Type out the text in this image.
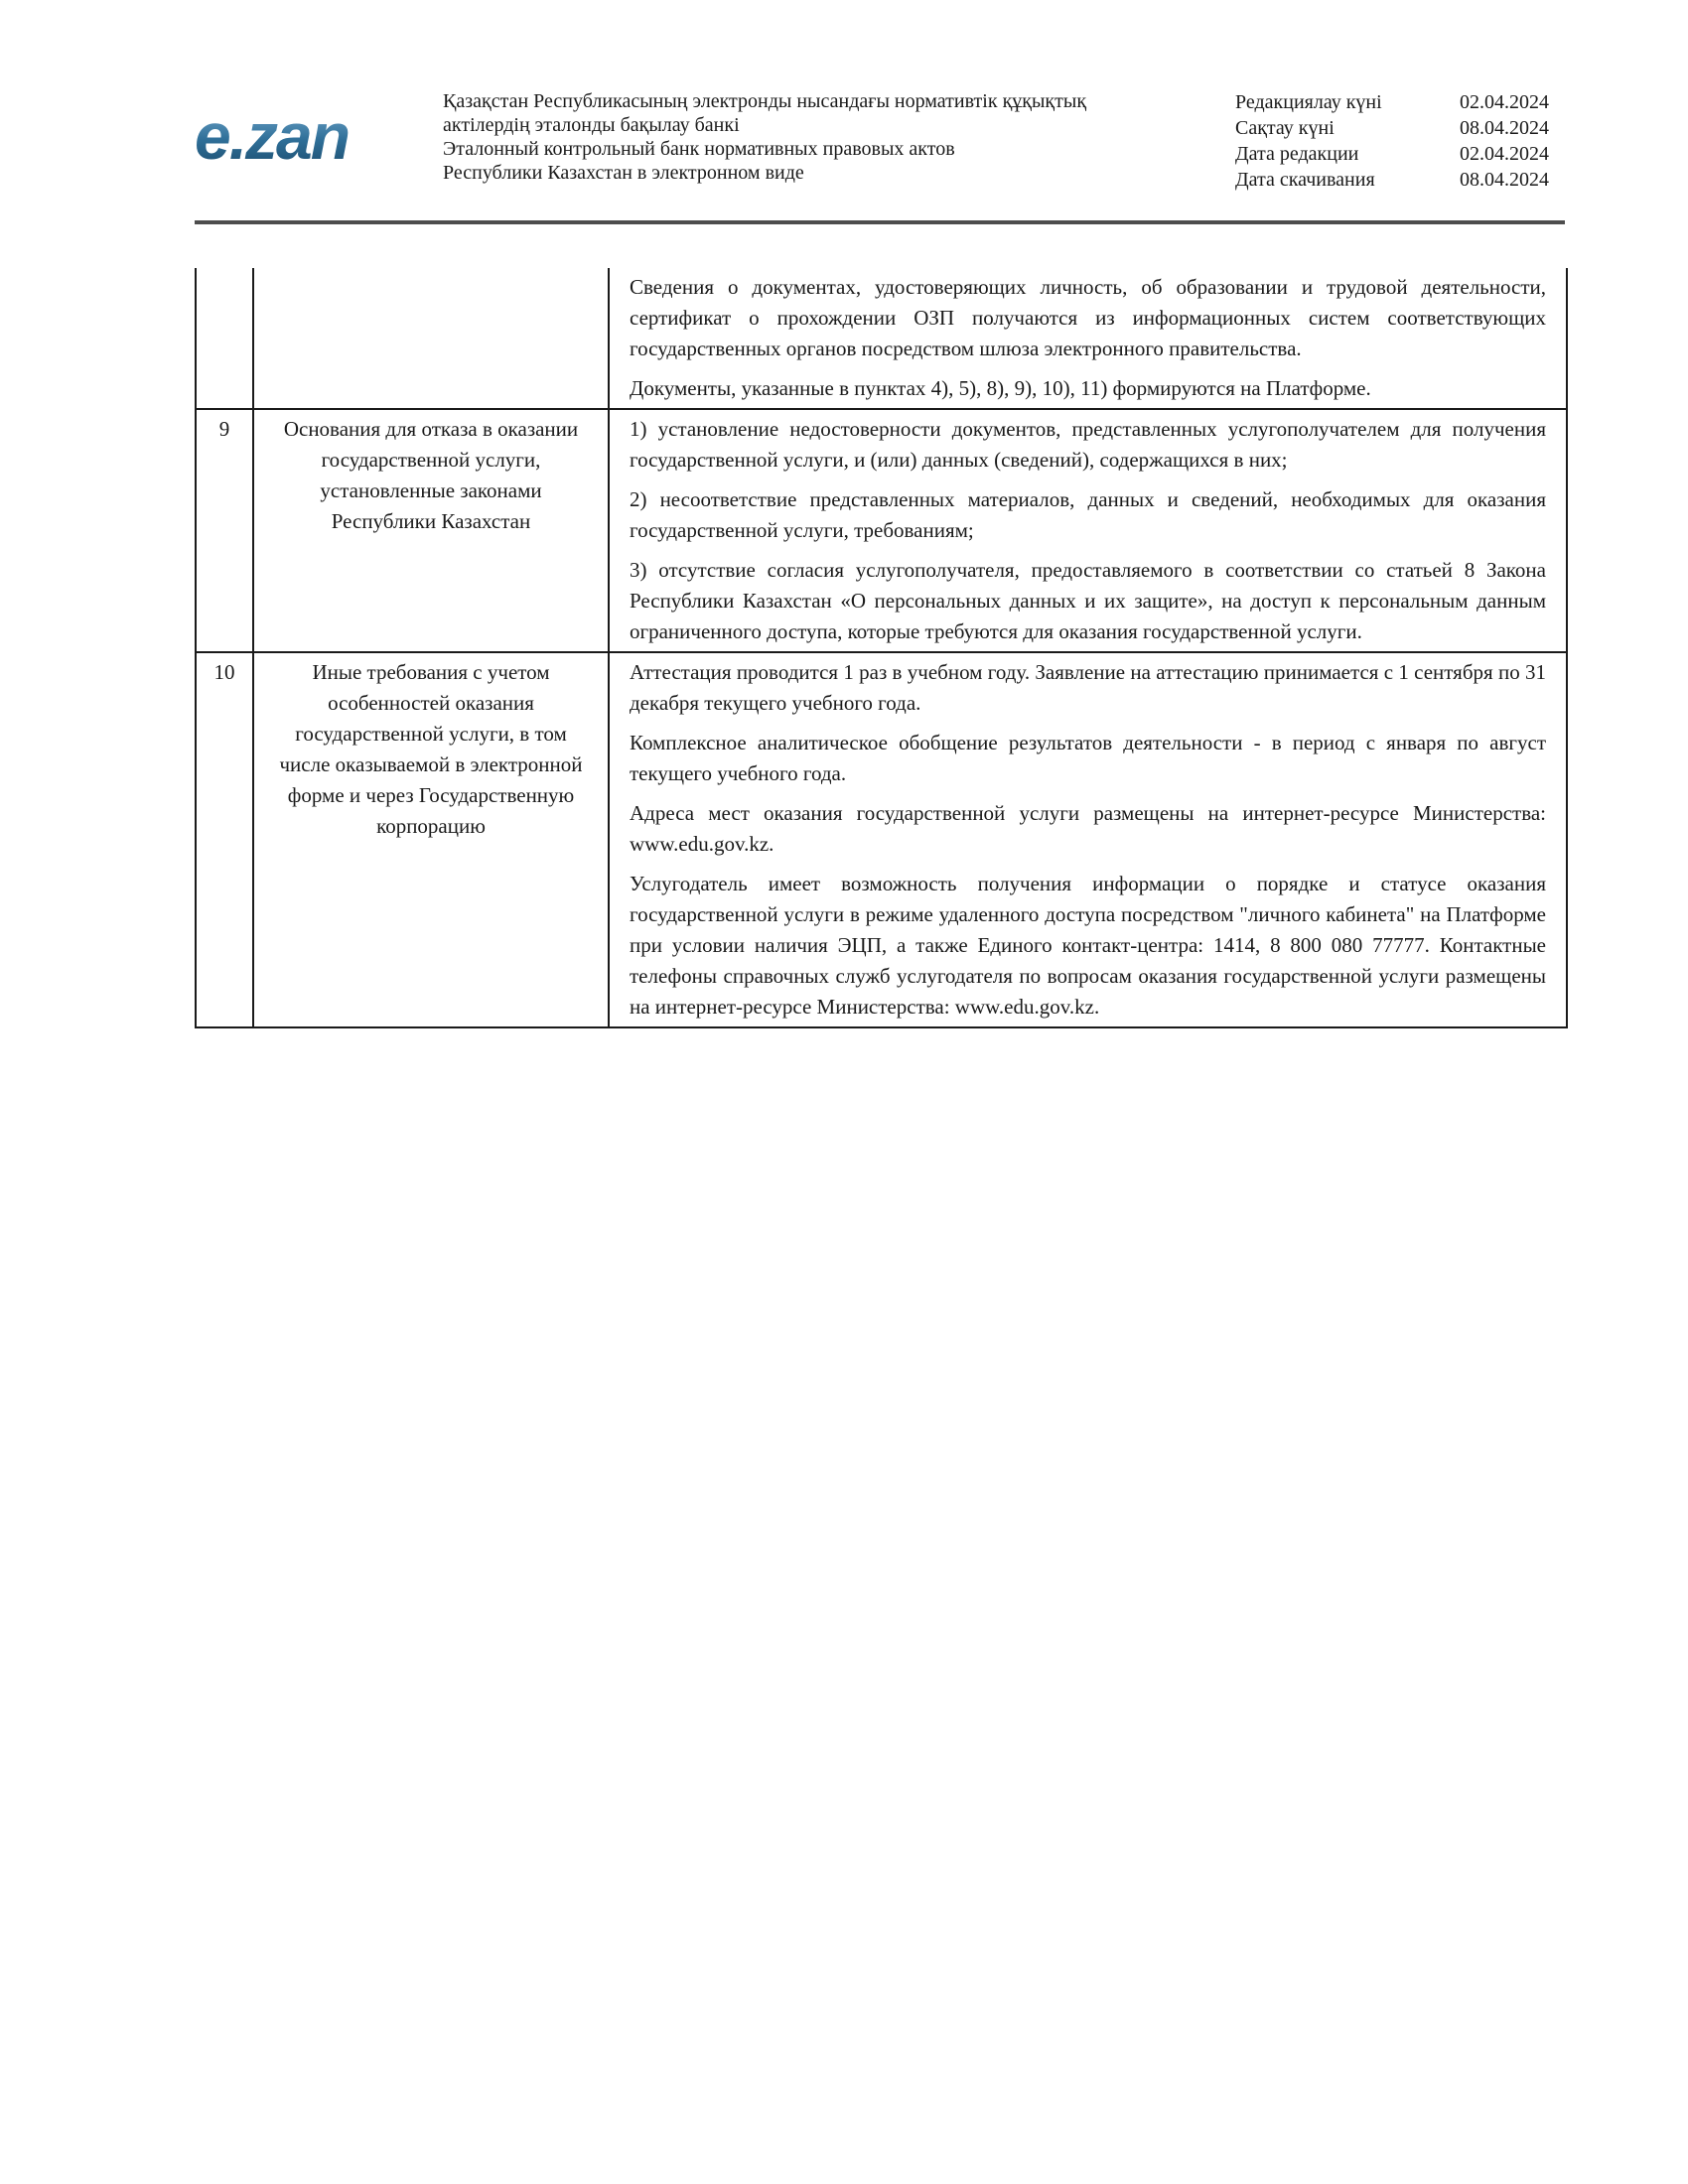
e.zan	Қазақстан Республикасының электронды нысандағы нормативтік құқықтық
актілердің эталонды бақылау банкі
Эталонный контрольный банк нормативных правовых актов
Республики Казахстан в электронном виде
Редакциялау күні	02.04.2024
Сақтау күні	08.04.2024
Дата редакции	02.04.2024
Дата скачивания	08.04.2024

		Сведения о документах, удостоверяющих личность, об образовании и трудовой деятельности, сертификат о прохождении ОЗП получаются из информационных систем соответствующих государственных органов посредством шлюза электронного правительства.

Документы, указанные в пунктах 4), 5), 8), 9), 10), 11) формируются на Платформе.

9	Основания для отказа в оказании государственной услуги, установленные законами Республики Казахстан	1) установление недостоверности документов, представленных услугополучателем для получения государственной услуги, и (или) данных (сведений), содержащихся в них;

2) несоответствие представленных материалов, данных и сведений, необходимых для оказания государственной услуги, требованиям;

3) отсутствие согласия услугополучателя, предоставляемого в соответствии со статьей 8 Закона Республики Казахстан «О персональных данных и их защите», на доступ к персональным данным ограниченного доступа, которые требуются для оказания государственной услуги.

10	Иные требования с учетом особенностей оказания государственной услуги, в том числе оказываемой в электронной форме и через Государственную корпорацию	Аттестация проводится 1 раз в учебном году. Заявление на аттестацию принимается с 1 сентября по 31 декабря текущего учебного года.

Комплексное аналитическое обобщение результатов деятельности - в период с января по август текущего учебного года.

Адреса мест оказания государственной услуги размещены на интернет-ресурсе Министерства: www.edu.gov.kz.

Услугодатель имеет возможность получения информации о порядке и статусе оказания государственной услуги в режиме удаленного доступа посредством "личного кабинета" на Платформе при условии наличия ЭЦП, а также Единого контакт-центра: 1414, 8 800 080 77777. Контактные телефоны справочных служб услугодателя по вопросам оказания государственной услуги размещены на интернет-ресурсе Министерства: www.edu.gov.kz.
